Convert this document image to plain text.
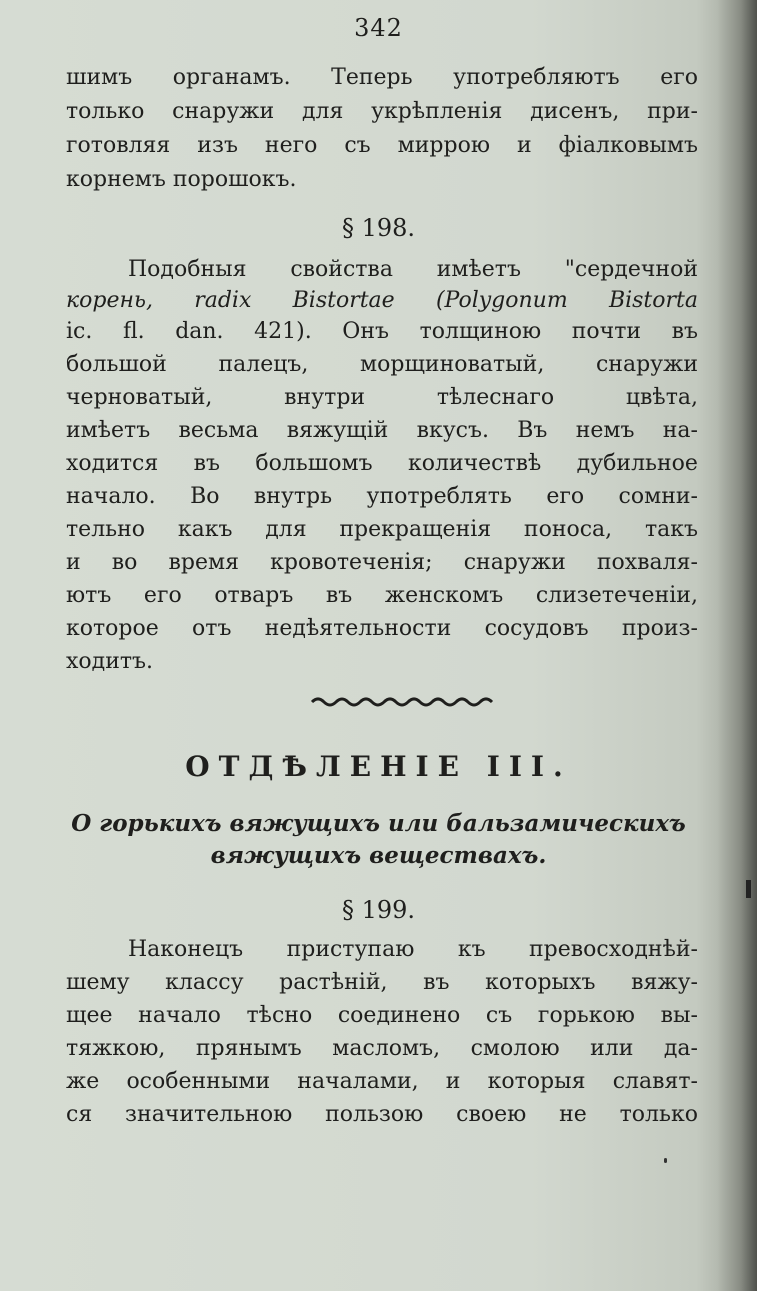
342
шимъ органамъ. Теперь употребляютъ его
только снаружи для укрѣпленія дисенъ, при-
готовляя изъ него съ миррою и фіалковымъ
корнемъ порошокъ.
§ 198.
Подобныя свойства имѣетъ "сердечной
корень, radix Bistortae (Polygonum Bistorta
ic. fl. dan. 421). Онъ толщиною почти въ
большой палецъ, морщиноватый, снаружи
черноватый,	внутри	тѣлеснаго	цвѣта,
имѣетъ весьма вяжущій вкусъ. Въ немъ на-
ходится въ большомъ количествѣ дубильное
начало. Во внутрь употреблять его сомни-
тельно какъ для прекращенія поноса, такъ
и во время кровотеченія; снаружи похваля-
ютъ его отваръ въ женскомъ слизетеченіи,
которое отъ недѣятельности сосудовъ произ-
ходитъ.
ОТДѢЛЕНІЕ III.
О горькихъ вяжущихъ или бальзамическихъ
вяжущихъ веществахъ.
§ 199.
Наконецъ приступаю къ превосходнѣй-
шему классу растѣній, въ которыхъ вяжу-
щее начало тѣсно соединено съ горькою вы-
тяжкою, прянымъ масломъ, смолою или да-
же особенными началами, и которыя славят-
ся значительною пользою своею не только
